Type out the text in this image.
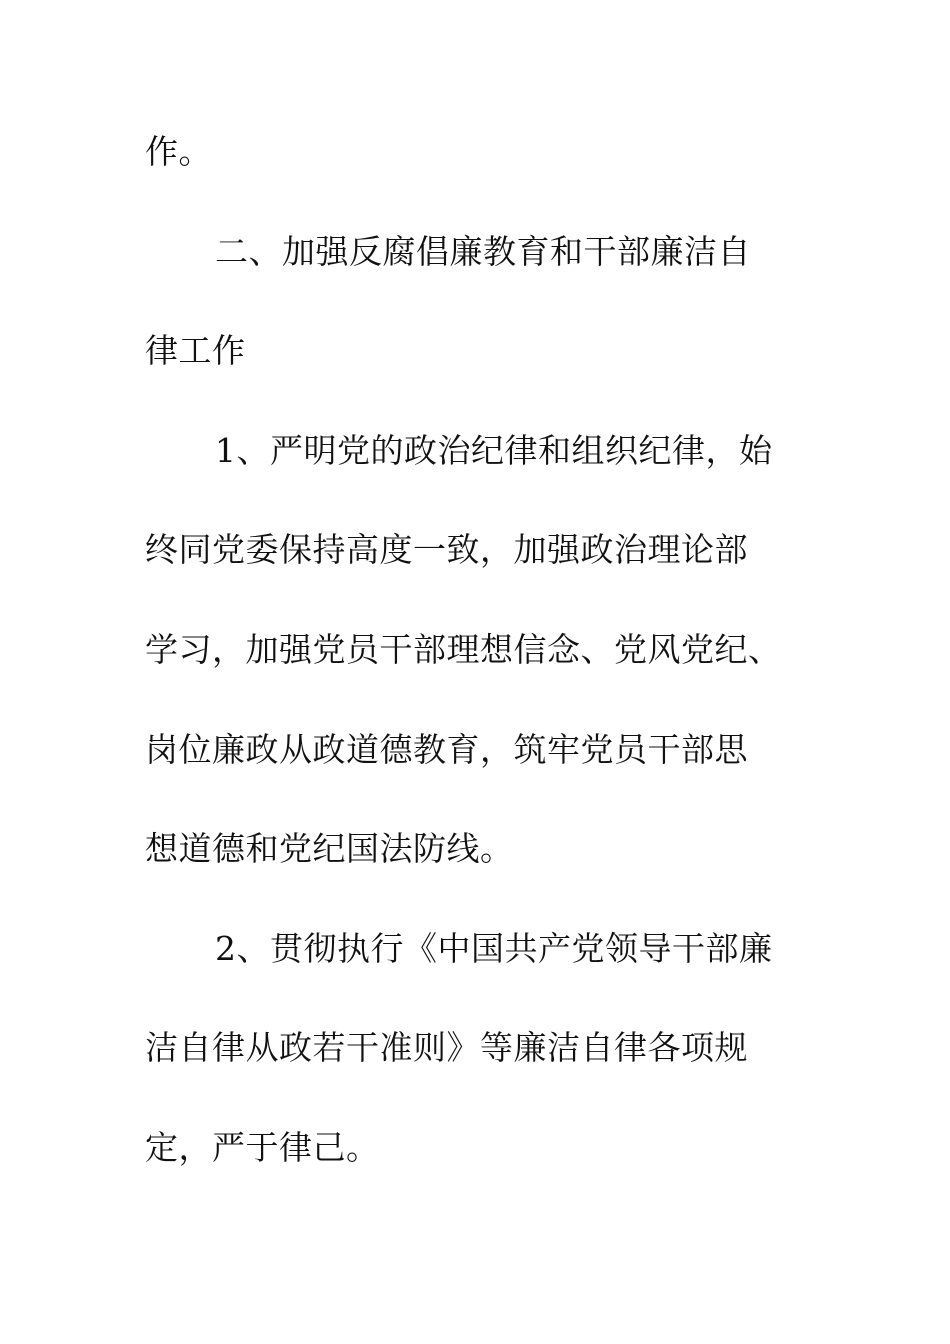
作。

二、加强反腐倡廉教育和干部廉洁自

律工作

1、严明党的政治纪律和组织纪律，始

终同党委保持高度一致，加强政治理论部

学习，加强党员干部理想信念、党风党纪、

岗位廉政从政道德教育，筑牢党员干部思

想道德和党纪国法防线。

2、贯彻执行《中国共产党领导干部廉

洁自律从政若干准则》等廉洁自律各项规

定，严于律己。
